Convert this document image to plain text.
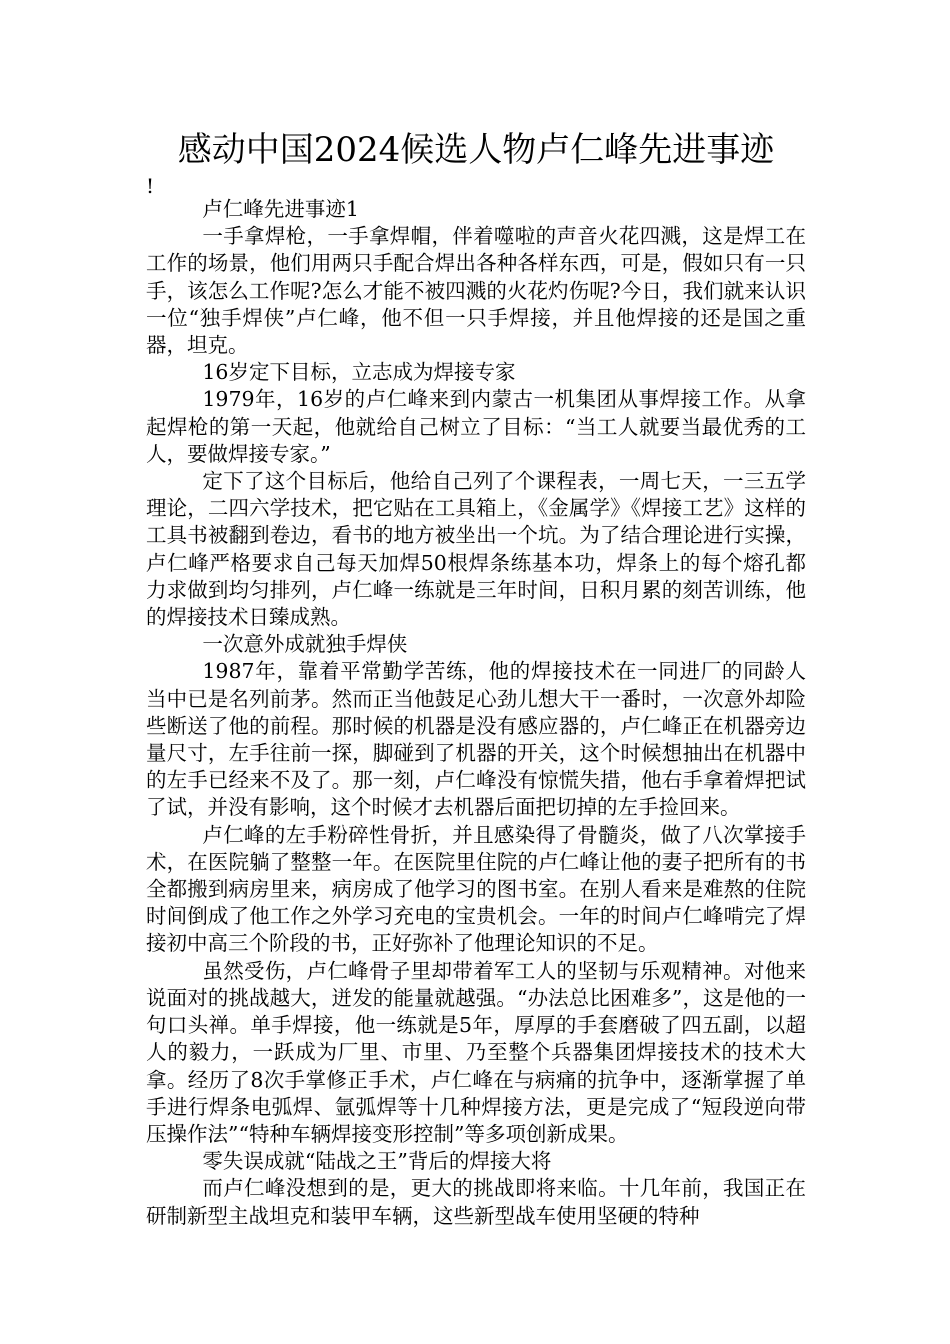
感动中国2024候选人物卢仁峰先进事迹
!

卢仁峰先进事迹1

一手拿焊枪，一手拿焊帽，伴着噬啦的声音火花四溅，这是焊工在工作的场景，他们用两只手配合焊出各种各样东西，可是，假如只有一只手，该怎么工作呢?怎么才能不被四溅的火花灼伤呢?今日，我们就来认识一位“独手焊侠”卢仁峰，他不但一只手焊接，并且他焊接的还是国之重器，坦克。

16岁定下目标，立志成为焊接专家

1979年，16岁的卢仁峰来到内蒙古一机集团从事焊接工作。从拿起焊枪的第一天起，他就给自己树立了目标：“当工人就要当最优秀的工人，要做焊接专家。”

定下了这个目标后，他给自己列了个课程表，一周七天，一三五学理论，二四六学技术，把它贴在工具箱上，《金属学》《焊接工艺》这样的工具书被翻到卷边，看书的地方被坐出一个坑。为了结合理论进行实操，卢仁峰严格要求自己每天加焊50根焊条练基本功，焊条上的每个熔孔都力求做到均匀排列，卢仁峰一练就是三年时间，日积月累的刻苦训练，他的焊接技术日臻成熟。

一次意外成就独手焊侠

1987年，靠着平常勤学苦练，他的焊接技术在一同进厂的同龄人当中已是名列前茅。然而正当他鼓足心劲儿想大干一番时，一次意外却险些断送了他的前程。那时候的机器是没有感应器的，卢仁峰正在机器旁边量尺寸，左手往前一探，脚碰到了机器的开关，这个时候想抽出在机器中的左手已经来不及了。那一刻，卢仁峰没有惊慌失措，他右手拿着焊把试了试，并没有影响，这个时候才去机器后面把切掉的左手捡回来。

卢仁峰的左手粉碎性骨折，并且感染得了骨髓炎，做了八次掌接手术，在医院躺了整整一年。在医院里住院的卢仁峰让他的妻子把所有的书全都搬到病房里来，病房成了他学习的图书室。在别人看来是难熬的住院时间倒成了他工作之外学习充电的宝贵机会。一年的时间卢仁峰啃完了焊接初中高三个阶段的书，正好弥补了他理论知识的不足。

虽然受伤，卢仁峰骨子里却带着军工人的坚韧与乐观精神。对他来说面对的挑战越大，迸发的能量就越强。“办法总比困难多”，这是他的一句口头禅。单手焊接，他一练就是5年，厚厚的手套磨破了四五副，以超人的毅力，一跃成为厂里、市里、乃至整个兵器集团焊接技术的技术大拿。经历了8次手掌修正手术，卢仁峰在与病痛的抗争中，逐渐掌握了单手进行焊条电弧焊、氩弧焊等十几种焊接方法，更是完成了“短段逆向带压操作法”“特种车辆焊接变形控制”等多项创新成果。

零失误成就“陆战之王”背后的焊接大将

而卢仁峰没想到的是，更大的挑战即将来临。十几年前，我国正在研制新型主战坦克和装甲车辆，这些新型战车使用坚硬的特种
